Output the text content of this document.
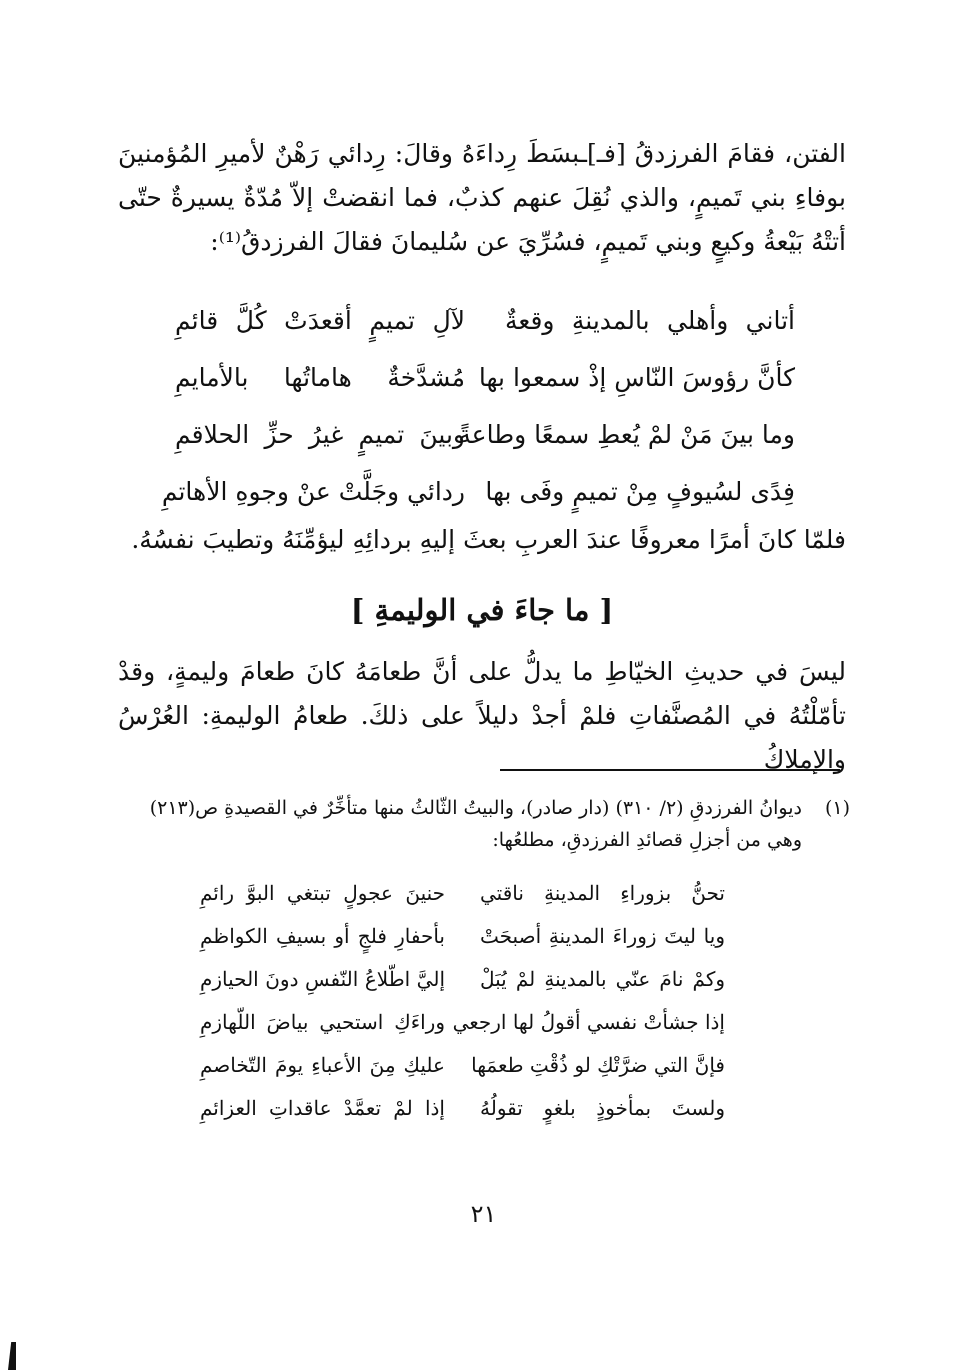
الفتن، فقامَ الفرزدقُ [فـ]ـبسَطَ رِداءَهُ وقالَ: رِدائي رَهْنٌ لأميرِ المُؤمنينَ بوفاءِ بني تَميمٍ، والذي نُقِلَ عنهم كذبٌ، فما انقضتْ إلاّ مُدّةٌ يسيرةٌ حتّى أتتْهُ بَيْعةُ وكيعٍ وبني تَميمٍ، فسُرِّيَ عن سُليمانَ فقالَ الفرزدقُ⁽¹⁾:

أتاني وأهلي بالمدينةِ وقعةٌ
لآلِ تميمٍ أقعدَتْ كُلَّ قائمِ
كأنَّ رؤوسَ النّاسِ إذْ سمعوا بها
مُشدَّخةٌ هاماتُها بالأمايمِ
وما بينَ مَنْ لمْ يُعطِ سمعًا وطاعةً
وبينَ تميمٍ غيرُ حزِّ الحلاقمِ
فِدًى لسُيوفٍ مِنْ تميمٍ وفَى بها
ردائي وجَلَّتْ عنْ وجوهِ الأهاتمِ

فلمّا كانَ أمرًا معروفًا عندَ العربِ بعثَ إليهِ بردائِهِ ليؤمِّنَهُ وتطيبَ نفسُهُ.

[ ما جاءَ في الوليمةِ ]

ليسَ في حديثِ الخيّاطِ ما يدلُّ على أنَّ طعامَهُ كانَ طعامَ وليمةٍ، وقدْ تأمّلْتُهُ في المُصنَّفاتِ فلمْ أجدْ دليلاً على ذلكَ. طعامُ الوليمةِ: العُرْسُ والإملاكُ

(١)ديوانُ الفرزدقِ (٢/ ٣١٠) (دار صادر)، والبيتُ الثّالثُ منها متأخِّرٌ في القصيدةِ ص(٢١٣)
وهي من أجزلِ قصائدِ الفرزدقِ، مطلعُها:
تحنُّ بزوراءِ المدينةِ ناقتي
حنينَ عجولٍ تبتغي البوَّ رائمِ
ويا ليتَ زوراءَ المدينةِ أصبحَتْ
بأحفارِ فلجٍ أو بسيفِ الكواظمِ
وكمْ نامَ عنّي بالمدينةِ لمْ يُبَلْ
إليَّ اطّلاعُ النّفسِ دونَ الحيازمِ
إذا جشأتْ نفسي أقولُ لها ارجعي
وراءَكِ استحيي بياضَ اللّهازمِ
فإنَّ التي ضرَّتْكِ لو ذُقْتِ طعمَها
عليكِ مِنَ الأعباءِ يومَ التّخاصمِ
ولستَ بمأخوذٍ بلغوٍ تقولُهُ
إذا لمْ تعمَّدْ عاقداتِ العزائمِ
٢١
